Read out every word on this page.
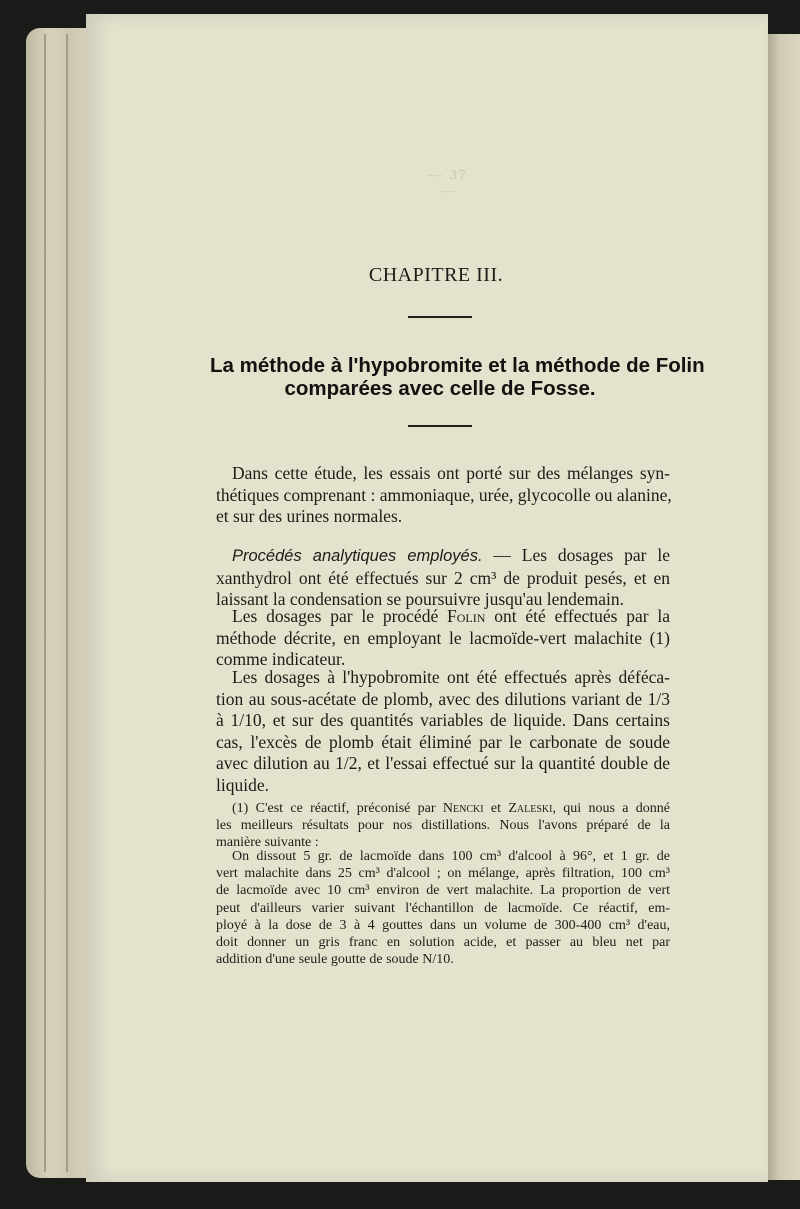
— 37 —
CHAPITRE III.
La méthode à l'hypobromite et la méthode de Folin
comparées avec celle de Fosse.
Dans cette étude, les essais ont porté sur des mélanges syn-
thétiques comprenant : ammoniaque, urée, glycocolle ou alanine,
et sur des urines normales.
Procédés analytiques employés. — Les dosages par le
xanthydrol ont été effectués sur 2 cm³ de produit pesés, et en
laissant la condensation se poursuivre jusqu'au lendemain.
Les dosages par le procédé Folin ont été effectués par la
méthode décrite, en employant le lacmoïde-vert malachite (1)
comme indicateur.
Les dosages à l'hypobromite ont été effectués après déféca-
tion au sous-acétate de plomb, avec des dilutions variant de 1/3
à 1/10, et sur des quantités variables de liquide. Dans certains
cas, l'excès de plomb était éliminé par le carbonate de soude
avec dilution au 1/2, et l'essai effectué sur la quantité double de
liquide.
(1) C'est ce réactif, préconisé par Nencki et Zaleski, qui nous a donné
les meilleurs résultats pour nos distillations. Nous l'avons préparé de la
manière suivante :
On dissout 5 gr. de lacmoïde dans 100 cm³ d'alcool à 96°, et 1 gr. de
vert malachite dans 25 cm³ d'alcool ; on mélange, après filtration, 100 cm³
de lacmoïde avec 10 cm³ environ de vert malachite. La proportion de vert
peut d'ailleurs varier suivant l'échantillon de lacmoïde. Ce réactif, em-
ployé à la dose de 3 à 4 gouttes dans un volume de 300-400 cm³ d'eau,
doit donner un gris franc en solution acide, et passer au bleu net par
addition d'une seule goutte de soude N/10.
